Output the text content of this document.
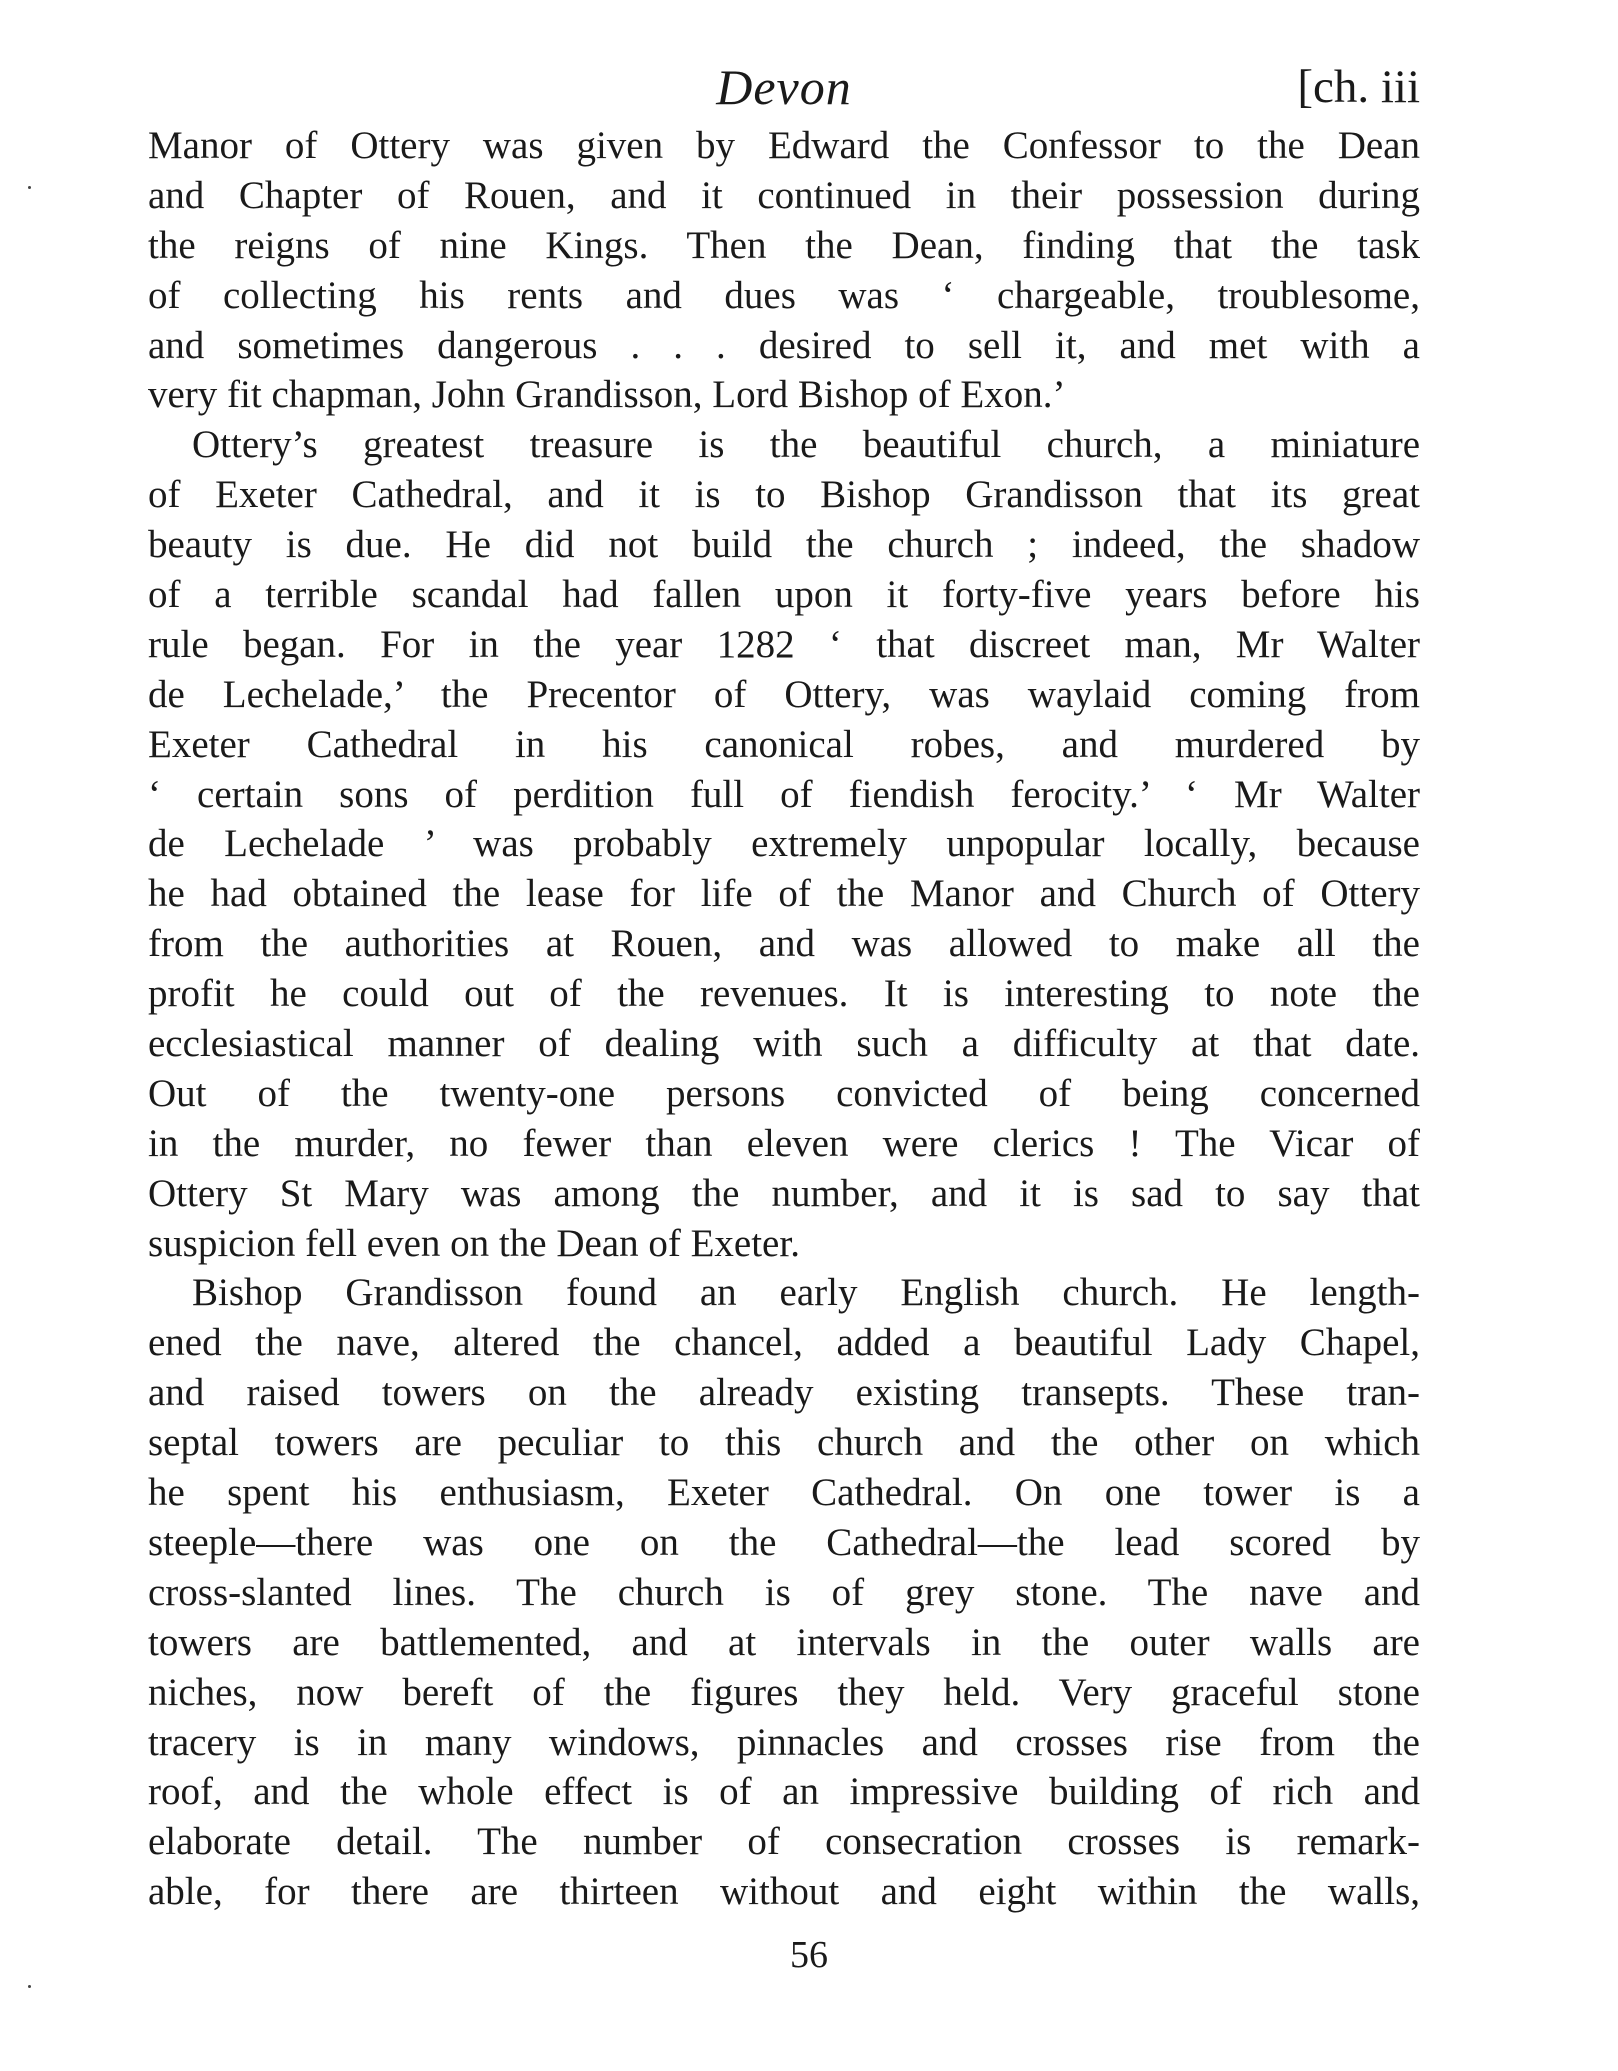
Devon	[ch. iii
Manor of Ottery was given by Edward the Confessor to the Dean
and Chapter of Rouen, and it continued in their possession during
the reigns of nine Kings. Then the Dean, finding that the task
of collecting his rents and dues was ‘ chargeable, troublesome,
and sometimes dangerous . . . desired to sell it, and met with a
very fit chapman, John Grandisson, Lord Bishop of Exon.’
Ottery’s greatest treasure is the beautiful church, a miniature
of Exeter Cathedral, and it is to Bishop Grandisson that its great
beauty is due. He did not build the church ; indeed, the shadow
of a terrible scandal had fallen upon it forty-five years before his
rule began. For in the year 1282 ‘ that discreet man, Mr Walter
de Lechelade,’ the Precentor of Ottery, was waylaid coming from
Exeter Cathedral in his canonical robes, and murdered by
‘ certain sons of perdition full of fiendish ferocity.’ ‘ Mr Walter
de Lechelade ’ was probably extremely unpopular locally, because
he had obtained the lease for life of the Manor and Church of Ottery
from the authorities at Rouen, and was allowed to make all the
profit he could out of the revenues. It is interesting to note the
ecclesiastical manner of dealing with such a difficulty at that date.
Out of the twenty-one persons convicted of being concerned
in the murder, no fewer than eleven were clerics ! The Vicar of
Ottery St Mary was among the number, and it is sad to say that
suspicion fell even on the Dean of Exeter.
Bishop Grandisson found an early English church. He length-
ened the nave, altered the chancel, added a beautiful Lady Chapel,
and raised towers on the already existing transepts. These tran-
septal towers are peculiar to this church and the other on which
he spent his enthusiasm, Exeter Cathedral. On one tower is a
steeple—there was one on the Cathedral—the lead scored by
cross-slanted lines. The church is of grey stone. The nave and
towers are battlemented, and at intervals in the outer walls are
niches, now bereft of the figures they held. Very graceful stone
tracery is in many windows, pinnacles and crosses rise from the
roof, and the whole effect is of an impressive building of rich and
elaborate detail. The number of consecration crosses is remark-
able, for there are thirteen without and eight within the walls,
56
